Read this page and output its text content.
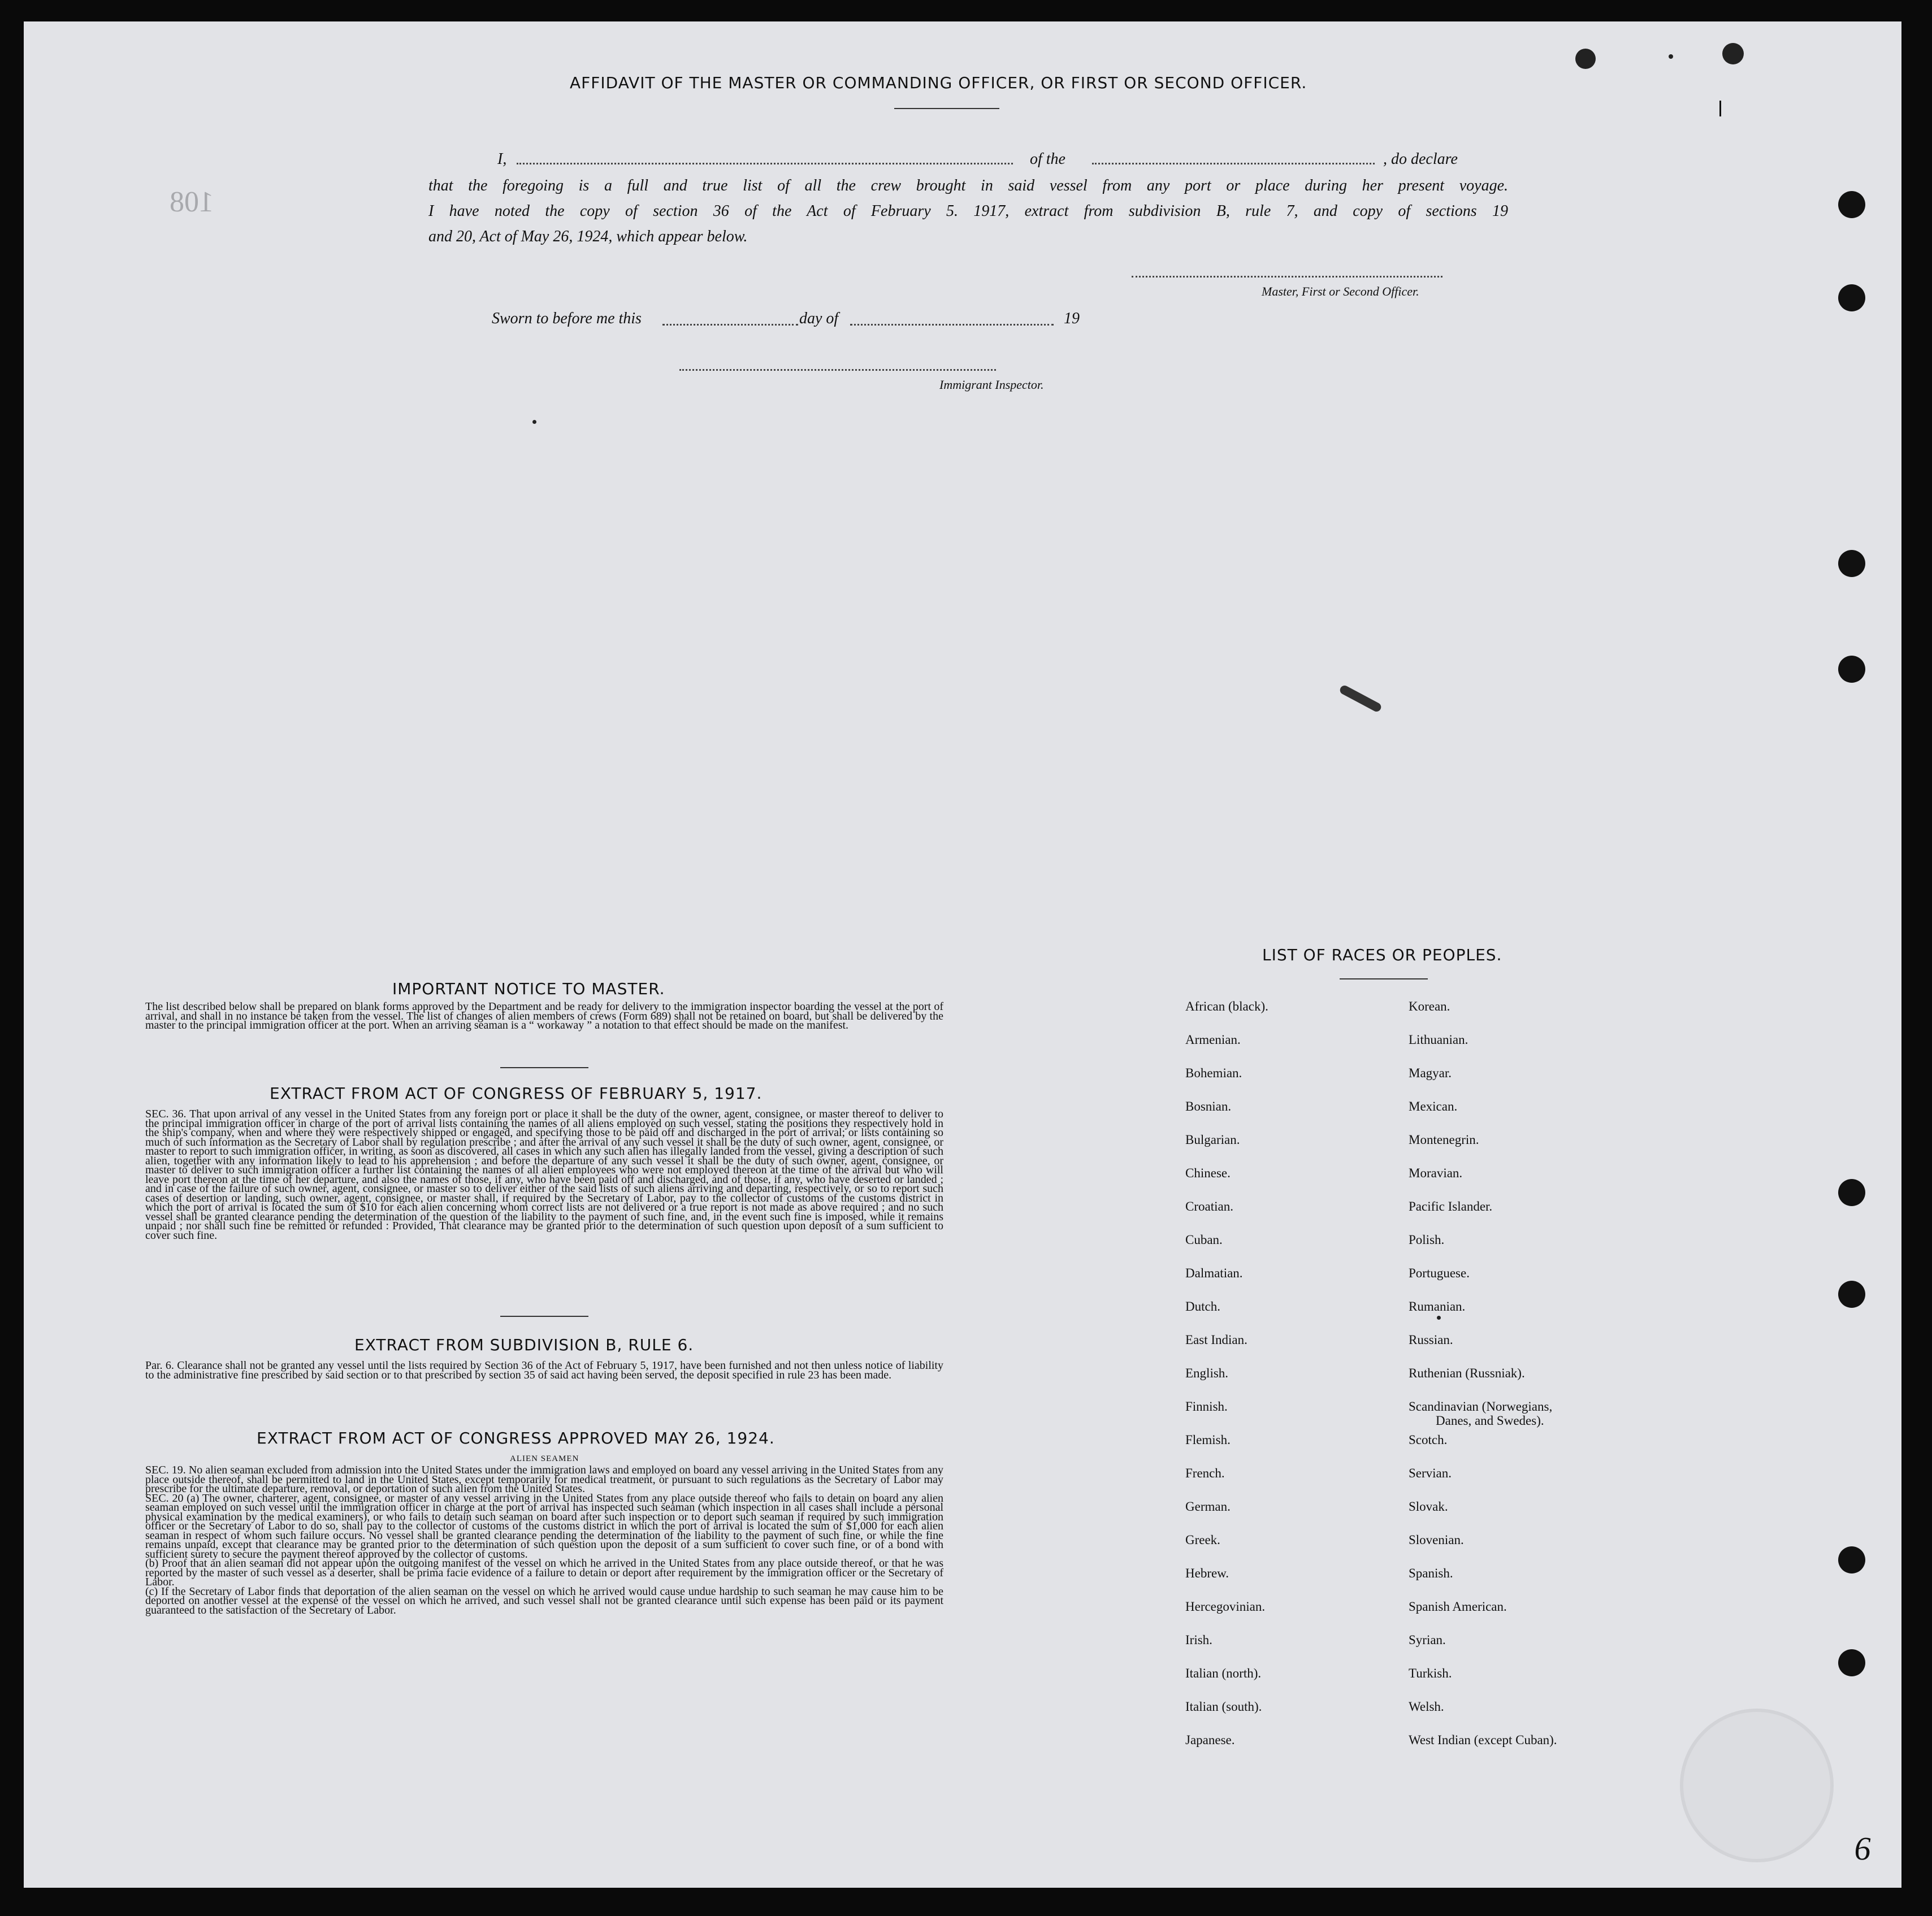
108
AFFIDAVIT OF THE MASTER OR COMMANDING OFFICER, OR FIRST OR SECOND OFFICER.
I,	of the	, do declare
that the foregoing is a full and true list of all the crew brought in said vessel from any port or place during her present voyage.
I have noted the copy of section 36 of the Act of February 5. 1917, extract from subdivision B, rule 7, and copy of sections 19
and 20, Act of May 26, 1924, which appear below.
Master, First or Second Officer.
Sworn to before me this	day of	19
Immigrant Inspector.
IMPORTANT NOTICE TO MASTER.
The list described below shall be prepared on blank forms approved by the Department and be ready for delivery to the immigration inspector boarding the vessel at the port of arrival, and shall in no instance be taken from the vessel. The list of changes of alien members of crews (Form 689) shall not be retained on board, but shall be delivered by the master to the principal immigration officer at the port. When an arriving seaman is a “ workaway ” a notation to that effect should be made on the manifest.
EXTRACT FROM ACT OF CONGRESS OF FEBRUARY 5, 1917.
SEC. 36. That upon arrival of any vessel in the United States from any foreign port or place it shall be the duty of the owner, agent, consignee, or master thereof to deliver to the principal immigration officer in charge of the port of arrival lists containing the names of all aliens employed on such vessel, stating the positions they respectively hold in the ship's company, when and where they were respectively shipped or engaged, and specifying those to be paid off and discharged in the port of arrival; or lists containing so much of such information as the Secretary of Labor shall by regulation prescribe ; and after the arrival of any such vessel it shall be the duty of such owner, agent, consignee, or master to report to such immigration officer, in writing, as soon as discovered, all cases in which any such alien has illegally landed from the vessel, giving a description of such alien, together with any information likely to lead to his apprehension ; and before the departure of any such vessel it shall be the duty of such owner, agent, consignee, or master to deliver to such immigration officer a further list containing the names of all alien employees who were not employed thereon at the time of the arrival but who will leave port thereon at the time of her departure, and also the names of those, if any, who have been paid off and discharged, and of those, if any, who have deserted or landed ; and in case of the failure of such owner, agent, consignee, or master so to deliver either of the said lists of such aliens arriving and departing, respectively, or so to report such cases of desertion or landing, such owner, agent, consignee, or master shall, if required by the Secretary of Labor, pay to the collector of customs of the customs district in which the port of arrival is located the sum of $10 for each alien concerning whom correct lists are not delivered or a true report is not made as above required ; and no such vessel shall be granted clearance pending the determination of the question of the liability to the payment of such fine, and, in the event such fine is imposed, while it remains unpaid ; nor shall such fine be remitted or refunded : Provided, That clearance may be granted prior to the determination of such question upon deposit of a sum sufficient to cover such fine.
EXTRACT FROM SUBDIVISION B, RULE 6.
Par. 6. Clearance shall not be granted any vessel until the lists required by Section 36 of the Act of February 5, 1917, have been furnished and not then unless notice of liability to the administrative fine prescribed by said section or to that prescribed by section 35 of said act having been served, the deposit specified in rule 23 has been made.
EXTRACT FROM ACT OF CONGRESS APPROVED MAY 26, 1924.
ALIEN SEAMEN
SEC. 19. No alien seaman excluded from admission into the United States under the immigration laws and employed on board any vessel arriving in the United States from any place outside thereof, shall be permitted to land in the United States, except temporarily for medical treatment, or pursuant to such regulations as the Secretary of Labor may prescribe for the ultimate departure, removal, or deportation of such alien from the United States.
SEC. 20 (a) The owner, charterer, agent, consignee, or master of any vessel arriving in the United States from any place outside thereof who fails to detain on board any alien seaman employed on such vessel until the immigration officer in charge at the port of arrival has inspected such seaman (which inspection in all cases shall include a personal physical examination by the medical examiners), or who fails to detain such seaman on board after such inspection or to deport such seaman if required by such immigration officer or the Secretary of Labor to do so, shall pay to the collector of customs of the customs district in which the port of arrival is located the sum of $1,000 for each alien seaman in respect of whom such failure occurs. No vessel shall be granted clearance pending the determination of the liability to the payment of such fine, or while the fine remains unpaid, except that clearance may be granted prior to the determination of such question upon the deposit of a sum sufficient to cover such fine, or of a bond with sufficient surety to secure the payment thereof approved by the collector of customs.
(b) Proof that an alien seaman did not appear upon the outgoing manifest of the vessel on which he arrived in the United States from any place outside thereof, or that he was reported by the master of such vessel as a deserter, shall be prima facie evidence of a failure to detain or deport after requirement by the immigration officer or the Secretary of Labor.
(c) If the Secretary of Labor finds that deportation of the alien seaman on the vessel on which he arrived would cause undue hardship to such seaman he may cause him to be deported on another vessel at the expense of the vessel on which he arrived, and such vessel shall not be granted clearance until such expense has been paid or its payment guaranteed to the satisfaction of the Secretary of Labor.
LIST OF RACES OR PEOPLES.
African (black).
Armenian.
Bohemian.
Bosnian.
Bulgarian.
Chinese.
Croatian.
Cuban.
Dalmatian.
Dutch.
East Indian.
English.
Finnish.
Flemish.
French.
German.
Greek.
Hebrew.
Hercegovinian.
Irish.
Italian (north).
Italian (south).
Japanese.
Korean.
Lithuanian.
Magyar.
Mexican.
Montenegrin.
Moravian.
Pacific Islander.
Polish.
Portuguese.
Rumanian.
Russian.
Ruthenian (Russniak).
Scandinavian (Norwegians,
Danes, and Swedes).
Scotch.
Servian.
Slovak.
Slovenian.
Spanish.
Spanish American.
Syrian.
Turkish.
Welsh.
West Indian (except Cuban).
9
